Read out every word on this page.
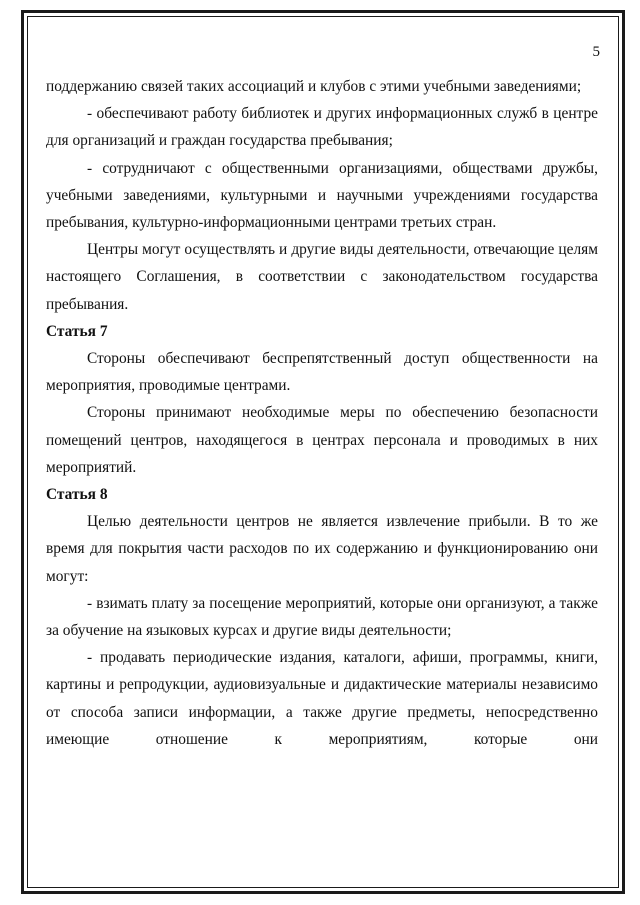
5

поддержанию связей таких ассоциаций и клубов с этими учебными заведениями;

- обеспечивают работу библиотек и других информационных служб в центре для организаций и граждан государства пребывания;

- сотрудничают с общественными организациями, обществами дружбы, учебными заведениями, культурными и научными учреждениями государства пребывания, культурно-информационными центрами третьих стран.

Центры могут осуществлять и другие виды деятельности, отвечающие целям настоящего Соглашения, в соответствии с законодательством государства пребывания.

Статья 7

Стороны обеспечивают беспрепятственный доступ общественности на мероприятия, проводимые центрами.

Стороны принимают необходимые меры по обеспечению безопасности помещений центров, находящегося в центрах персонала и проводимых в них мероприятий.

Статья 8

Целью деятельности центров не является извлечение прибыли. В то же время для покрытия части расходов по их содержанию и функционированию они могут:

- взимать плату за посещение мероприятий, которые они организуют, а также за обучение на языковых курсах и другие виды деятельности;

- продавать периодические издания, каталоги, афиши, программы, книги, картины и репродукции, аудиовизуальные и дидактические материалы независимо от способа записи информации, а также другие предметы, непосредственно имеющие отношение к мероприятиям, которые они
